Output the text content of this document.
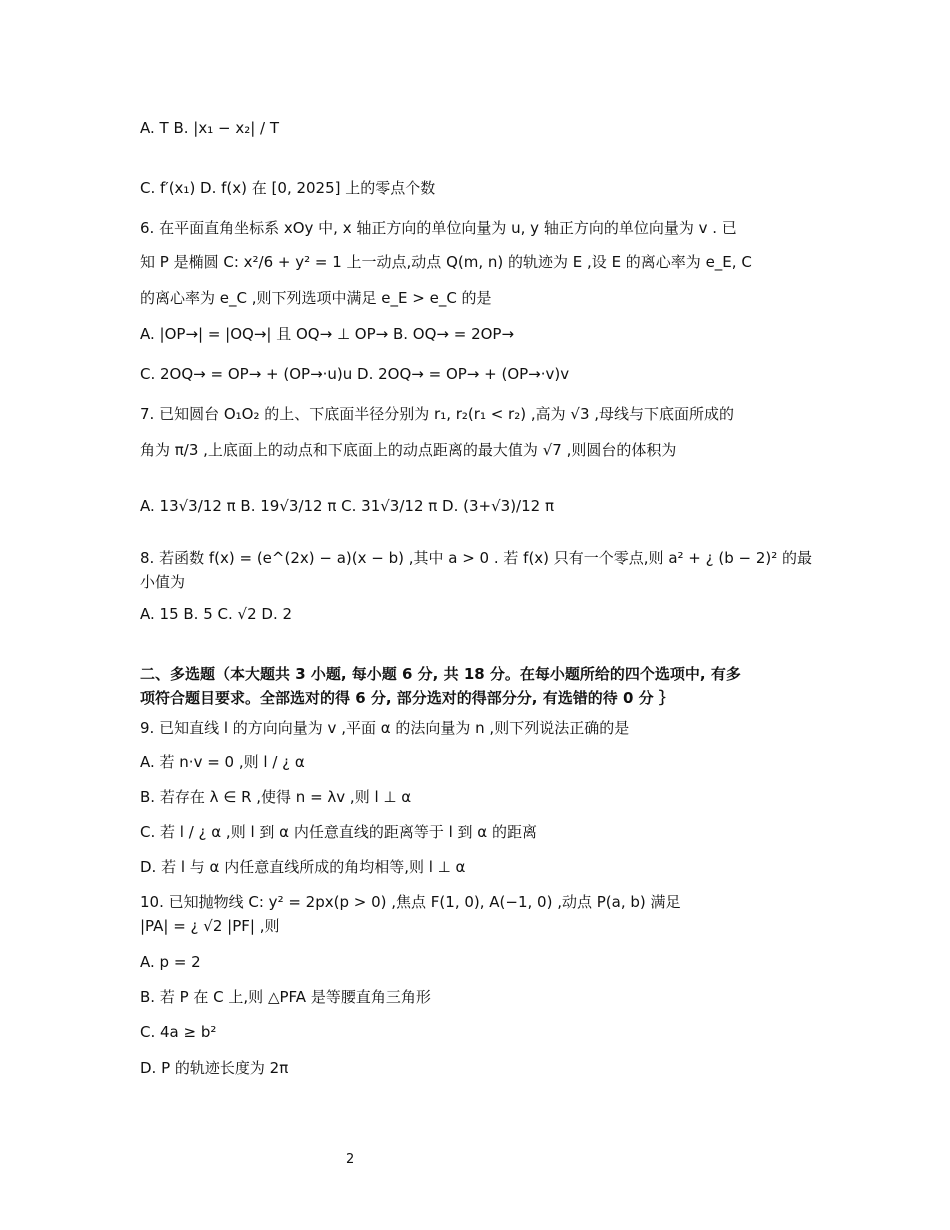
A. T B. |x₁ − x₂| / T
C. f′(x₁) D. f(x) 在 [0, 2025] 上的零点个数
6. 在平面直角坐标系 xOy 中, x 轴正方向的单位向量为 u, y 轴正方向的单位向量为 v . 已
知 P 是椭圆 C: x²/6 + y² = 1 上一动点,动点 Q(m, n) 的轨迹为 E ,设 E 的离心率为 e_E, C
的离心率为 e_C ,则下列选项中满足 e_E > e_C 的是
A. |OP→| = |OQ→| 且 OQ→ ⊥ OP→ B. OQ→ = 2OP→
C. 2OQ→ = OP→ + (OP→·u)u D. 2OQ→ = OP→ + (OP→·v)v
7. 已知圆台 O₁O₂ 的上、下底面半径分别为 r₁, r₂(r₁ < r₂) ,高为 √3 ,母线与下底面所成的
角为 π/3 ,上底面上的动点和下底面上的动点距离的最大值为 √7 ,则圆台的体积为
A. 13√3/12 π B. 19√3/12 π C. 31√3/12 π D. (3+√3)/12 π
8. 若函数 f(x) = (e^(2x) − a)(x − b) ,其中 a > 0 . 若 f(x) 只有一个零点,则 a² + ¿ (b − 2)² 的最
小值为
A. 15 B. 5 C. √2 D. 2
二、多选题（本大题共 3 小题, 每小题 6 分, 共 18 分。在每小题所给的四个选项中, 有多
项符合题目要求。全部选对的得 6 分, 部分选对的得部分分, 有选错的待 0 分 ｝
9. 已知直线 l 的方向向量为 v ,平面 α 的法向量为 n ,则下列说法正确的是
A. 若 n·v = 0 ,则 l / ¿ α
B. 若存在 λ ∈ R ,使得 n = λv ,则 l ⊥ α
C. 若 l / ¿ α ,则 l 到 α 内任意直线的距离等于 l 到 α 的距离
D. 若 l 与 α 内任意直线所成的角均相等,则 l ⊥ α
10. 已知抛物线 C: y² = 2px(p > 0) ,焦点 F(1, 0), A(−1, 0) ,动点 P(a, b) 满足
|PA| = ¿ √2 |PF| ,则
A. p = 2
B. 若 P 在 C 上,则 △PFA 是等腰直角三角形
C. 4a ≥ b²
D. P 的轨迹长度为 2π
2
